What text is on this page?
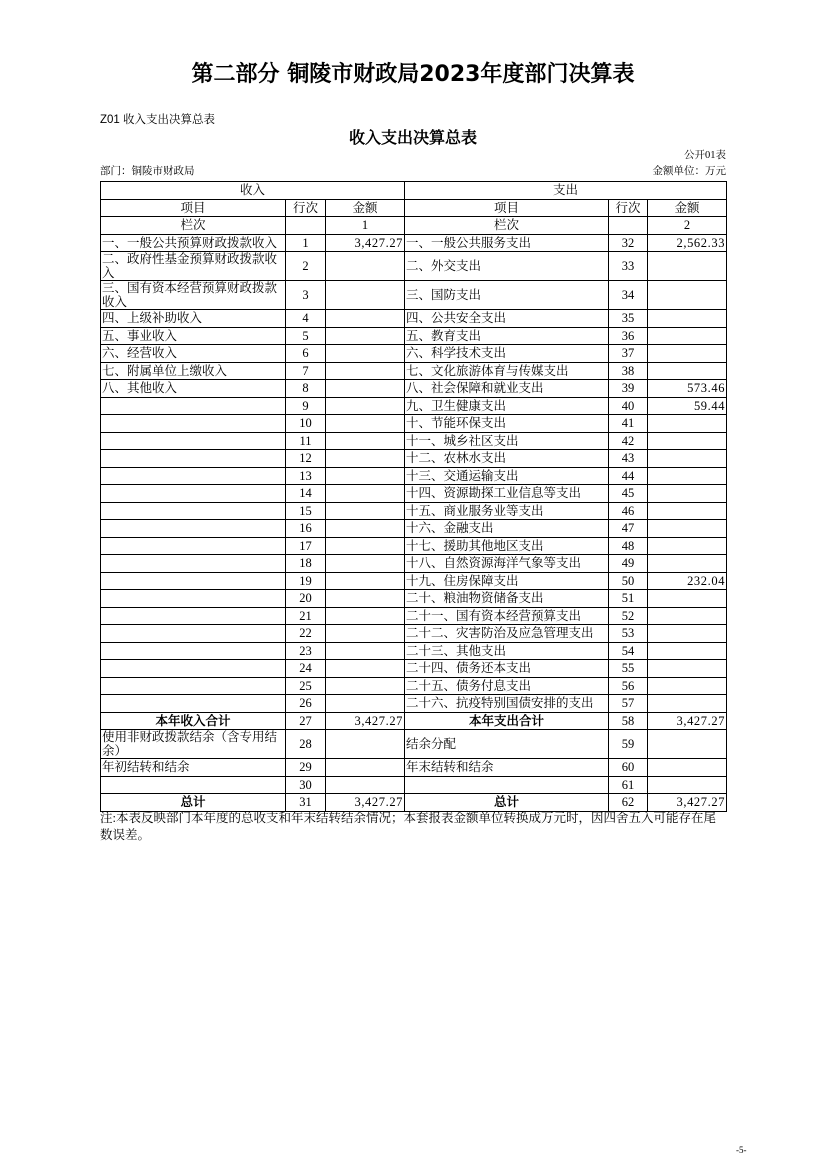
第二部分 铜陵市财政局2023年度部门决算表
Z01 收入支出决算总表
收入支出决算总表
公开01表
部门：铜陵市财政局	金额单位：万元
收入			支出		
项目	行次	金额	项目	行次	金额
栏次		1	栏次		2
一、一般公共预算财政拨款收入	1	3,427.27	一、一般公共服务支出	32	2,562.33
二、政府性基金预算财政拨款收入	2		二、外交支出	33	
三、国有资本经营预算财政拨款收入	3		三、国防支出	34	
四、上级补助收入	4		四、公共安全支出	35	
五、事业收入	5		五、教育支出	36	
六、经营收入	6		六、科学技术支出	37	
七、附属单位上缴收入	7		七、文化旅游体育与传媒支出	38	
八、其他收入	8		八、社会保障和就业支出	39	573.46
	9		九、卫生健康支出	40	59.44
	10		十、节能环保支出	41	
	11		十一、城乡社区支出	42	
	12		十二、农林水支出	43	
	13		十三、交通运输支出	44	
	14		十四、资源勘探工业信息等支出	45	
	15		十五、商业服务业等支出	46	
	16		十六、金融支出	47	
	17		十七、援助其他地区支出	48	
	18		十八、自然资源海洋气象等支出	49	
	19		十九、住房保障支出	50	232.04
	20		二十、粮油物资储备支出	51	
	21		二十一、国有资本经营预算支出	52	
	22		二十二、灾害防治及应急管理支出	53	
	23		二十三、其他支出	54	
	24		二十四、债务还本支出	55	
	25		二十五、债务付息支出	56	
	26		二十六、抗疫特别国债安排的支出	57	
本年收入合计	27	3,427.27	本年支出合计	58	3,427.27
使用非财政拨款结余（含专用结余）	28		结余分配	59	
年初结转和结余	29		年末结转和结余	60	
	30			61	
总计	31	3,427.27	总计	62	3,427.27
注:本表反映部门本年度的总收支和年末结转结余情况；本套报表金额单位转换成万元时，因四舍五入可能存在尾数误差。
-5-
